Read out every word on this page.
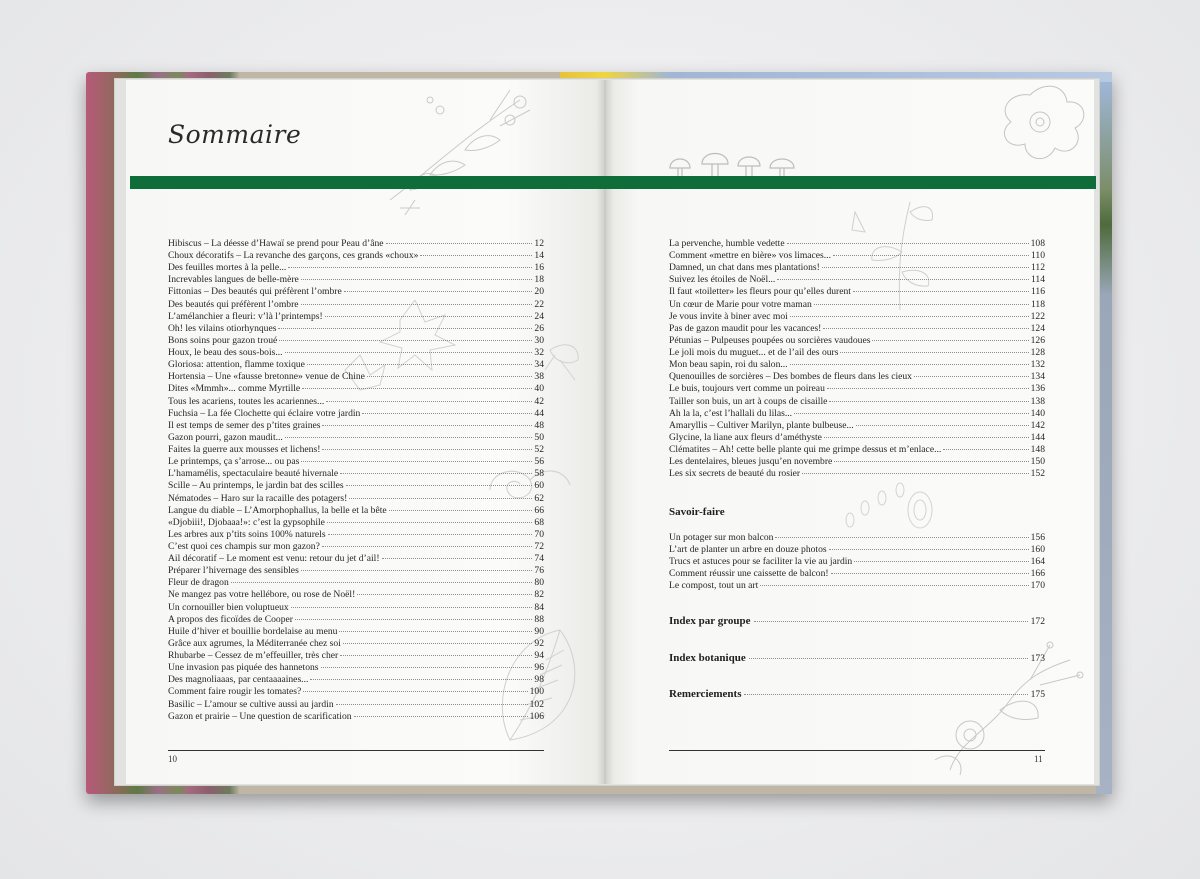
Sommaire
Hibiscus – La déesse d’Hawaï se prend pour Peau d’âne	12
Choux décoratifs – La revanche des garçons, ces grands «choux»	14
Des feuilles mortes à la pelle...	16
Increvables langues de belle-mère	18
Fittonias – Des beautés qui préfèrent l’ombre	20
Des beautés qui préfèrent l’ombre	22
L’amélanchier a fleuri: v’là l’printemps!	24
Oh! les vilains otiorhynques	26
Bons soins pour gazon troué	30
Houx, le beau des sous-bois...	32
Gloriosa: attention, flamme toxique	34
Hortensia – Une «fausse bretonne» venue de Chine	38
Dites «Mmmh»... comme Myrtille	40
Tous les acariens, toutes les acariennes...	42
Fuchsia – La fée Clochette qui éclaire votre jardin	44
Il est temps de semer des p’tites graines	48
Gazon pourri, gazon maudit...	50
Faites la guerre aux mousses et lichens!	52
Le printemps, ça s’arrose... ou pas	56
L’hamamélis, spectaculaire beauté hivernale	58
Scille – Au printemps, le jardin bat des scilles	60
Nématodes – Haro sur la racaille des potagers!	62
Langue du diable – L’Amorphophallus, la belle et la bête	66
«Djobiii!, Djobaaa!»: c’est la gypsophile	68
Les arbres aux p’tits soins 100% naturels	70
C’est quoi ces champis sur mon gazon?	72
Ail décoratif – Le moment est venu: retour du jet d’ail!	74
Préparer l’hivernage des sensibles	76
Fleur de dragon	80
Ne mangez pas votre hellébore, ou rose de Noël!	82
Un cornouiller bien voluptueux	84
A propos des ficoïdes de Cooper	88
Huile d’hiver et bouillie bordelaise au menu	90
Grâce aux agrumes, la Méditerranée chez soi	92
Rhubarbe – Cessez de m’effeuiller, très cher	94
Une invasion pas piquée des hannetons	96
Des magnoliaaas, par centaaaaines...	98
Comment faire rougir les tomates?	100
Basilic – L’amour se cultive aussi au jardin	102
Gazon et prairie – Une question de scarification	106
La pervenche, humble vedette	108
Comment «mettre en bière» vos limaces...	110
Damned, un chat dans mes plantations!	112
Suivez les étoiles de Noël...	114
Il faut «toiletter» les fleurs pour qu’elles durent	116
Un cœur de Marie pour votre maman	118
Je vous invite à biner avec moi	122
Pas de gazon maudit pour les vacances!	124
Pétunias – Pulpeuses poupées ou sorcières vaudoues	126
Le joli mois du muguet... et de l’ail des ours	128
Mon beau sapin, roi du salon...	132
Quenouilles de sorcières – Des bombes de fleurs dans les cieux	134
Le buis, toujours vert comme un poireau	136
Tailler son buis, un art à coups de cisaille	138
Ah la la, c’est l’hallali du lilas...	140
Amaryllis – Cultiver Marilyn, plante bulbeuse...	142
Glycine, la liane aux fleurs d’améthyste	144
Clématites – Ah! cette belle plante qui me grimpe dessus et m’enlace...	148
Les dentelaires, bleues jusqu’en novembre	150
Les six secrets de beauté du rosier	152
Savoir-faire
Un potager sur mon balcon	156
L’art de planter un arbre en douze photos	160
Trucs et astuces pour se faciliter la vie au jardin	164
Comment réussir une caissette de balcon!	166
Le compost, tout un art	170
Index par groupe	172
Index botanique	173
Remerciements	175
10	11
